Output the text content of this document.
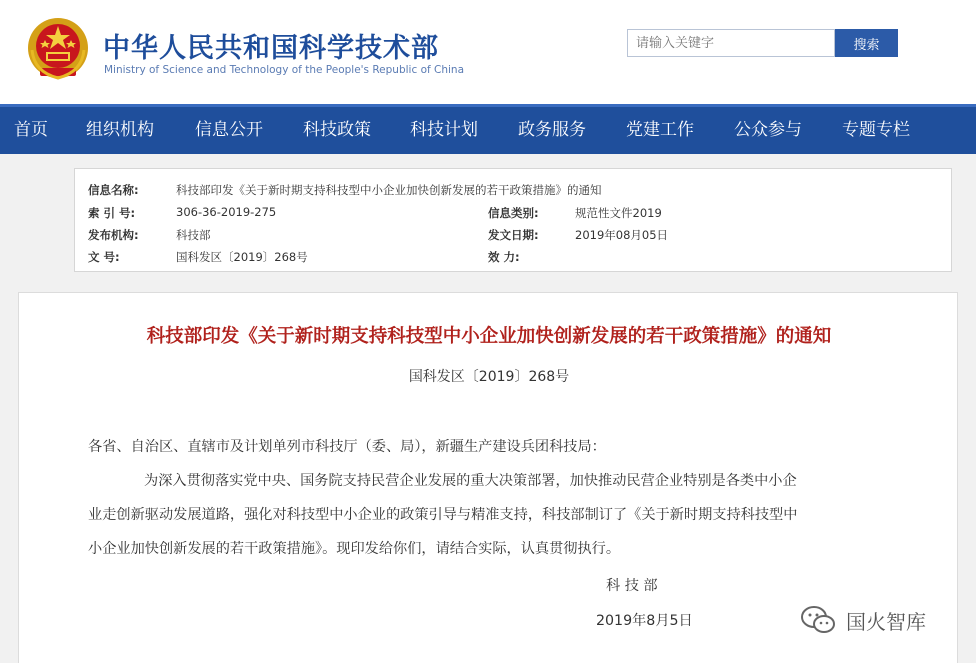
中华人民共和国科学技术部
Ministry of Science and Technology of the People's Republic of China
请输入关键字
搜索
首页 组织机构 信息公开 科技政策 科技计划 政务服务 党建工作 公众参与 专题专栏
信息名称:	科技部印发《关于新时期支持科技型中小企业加快创新发展的若干政策措施》的通知
索 引 号:	306-36-2019-275	信息类别:	规范性文件2019
发布机构:	科技部	发文日期:	2019年08月05日
文 号:	国科发区〔2019〕268号	效 力:
科技部印发《关于新时期支持科技型中小企业加快创新发展的若干政策措施》的通知
国科发区〔2019〕268号
各省、自治区、直辖市及计划单列市科技厅（委、局），新疆生产建设兵团科技局：
为深入贯彻落实党中央、国务院支持民营企业发展的重大决策部署，加快推动民营企业特别是各类中小企
业走创新驱动发展道路，强化对科技型中小企业的政策引导与精准支持，科技部制订了《关于新时期支持科技型中
小企业加快创新发展的若干政策措施》。现印发给你们，请结合实际，认真贯彻执行。
科 技 部
2019年8月5日	国火智库
